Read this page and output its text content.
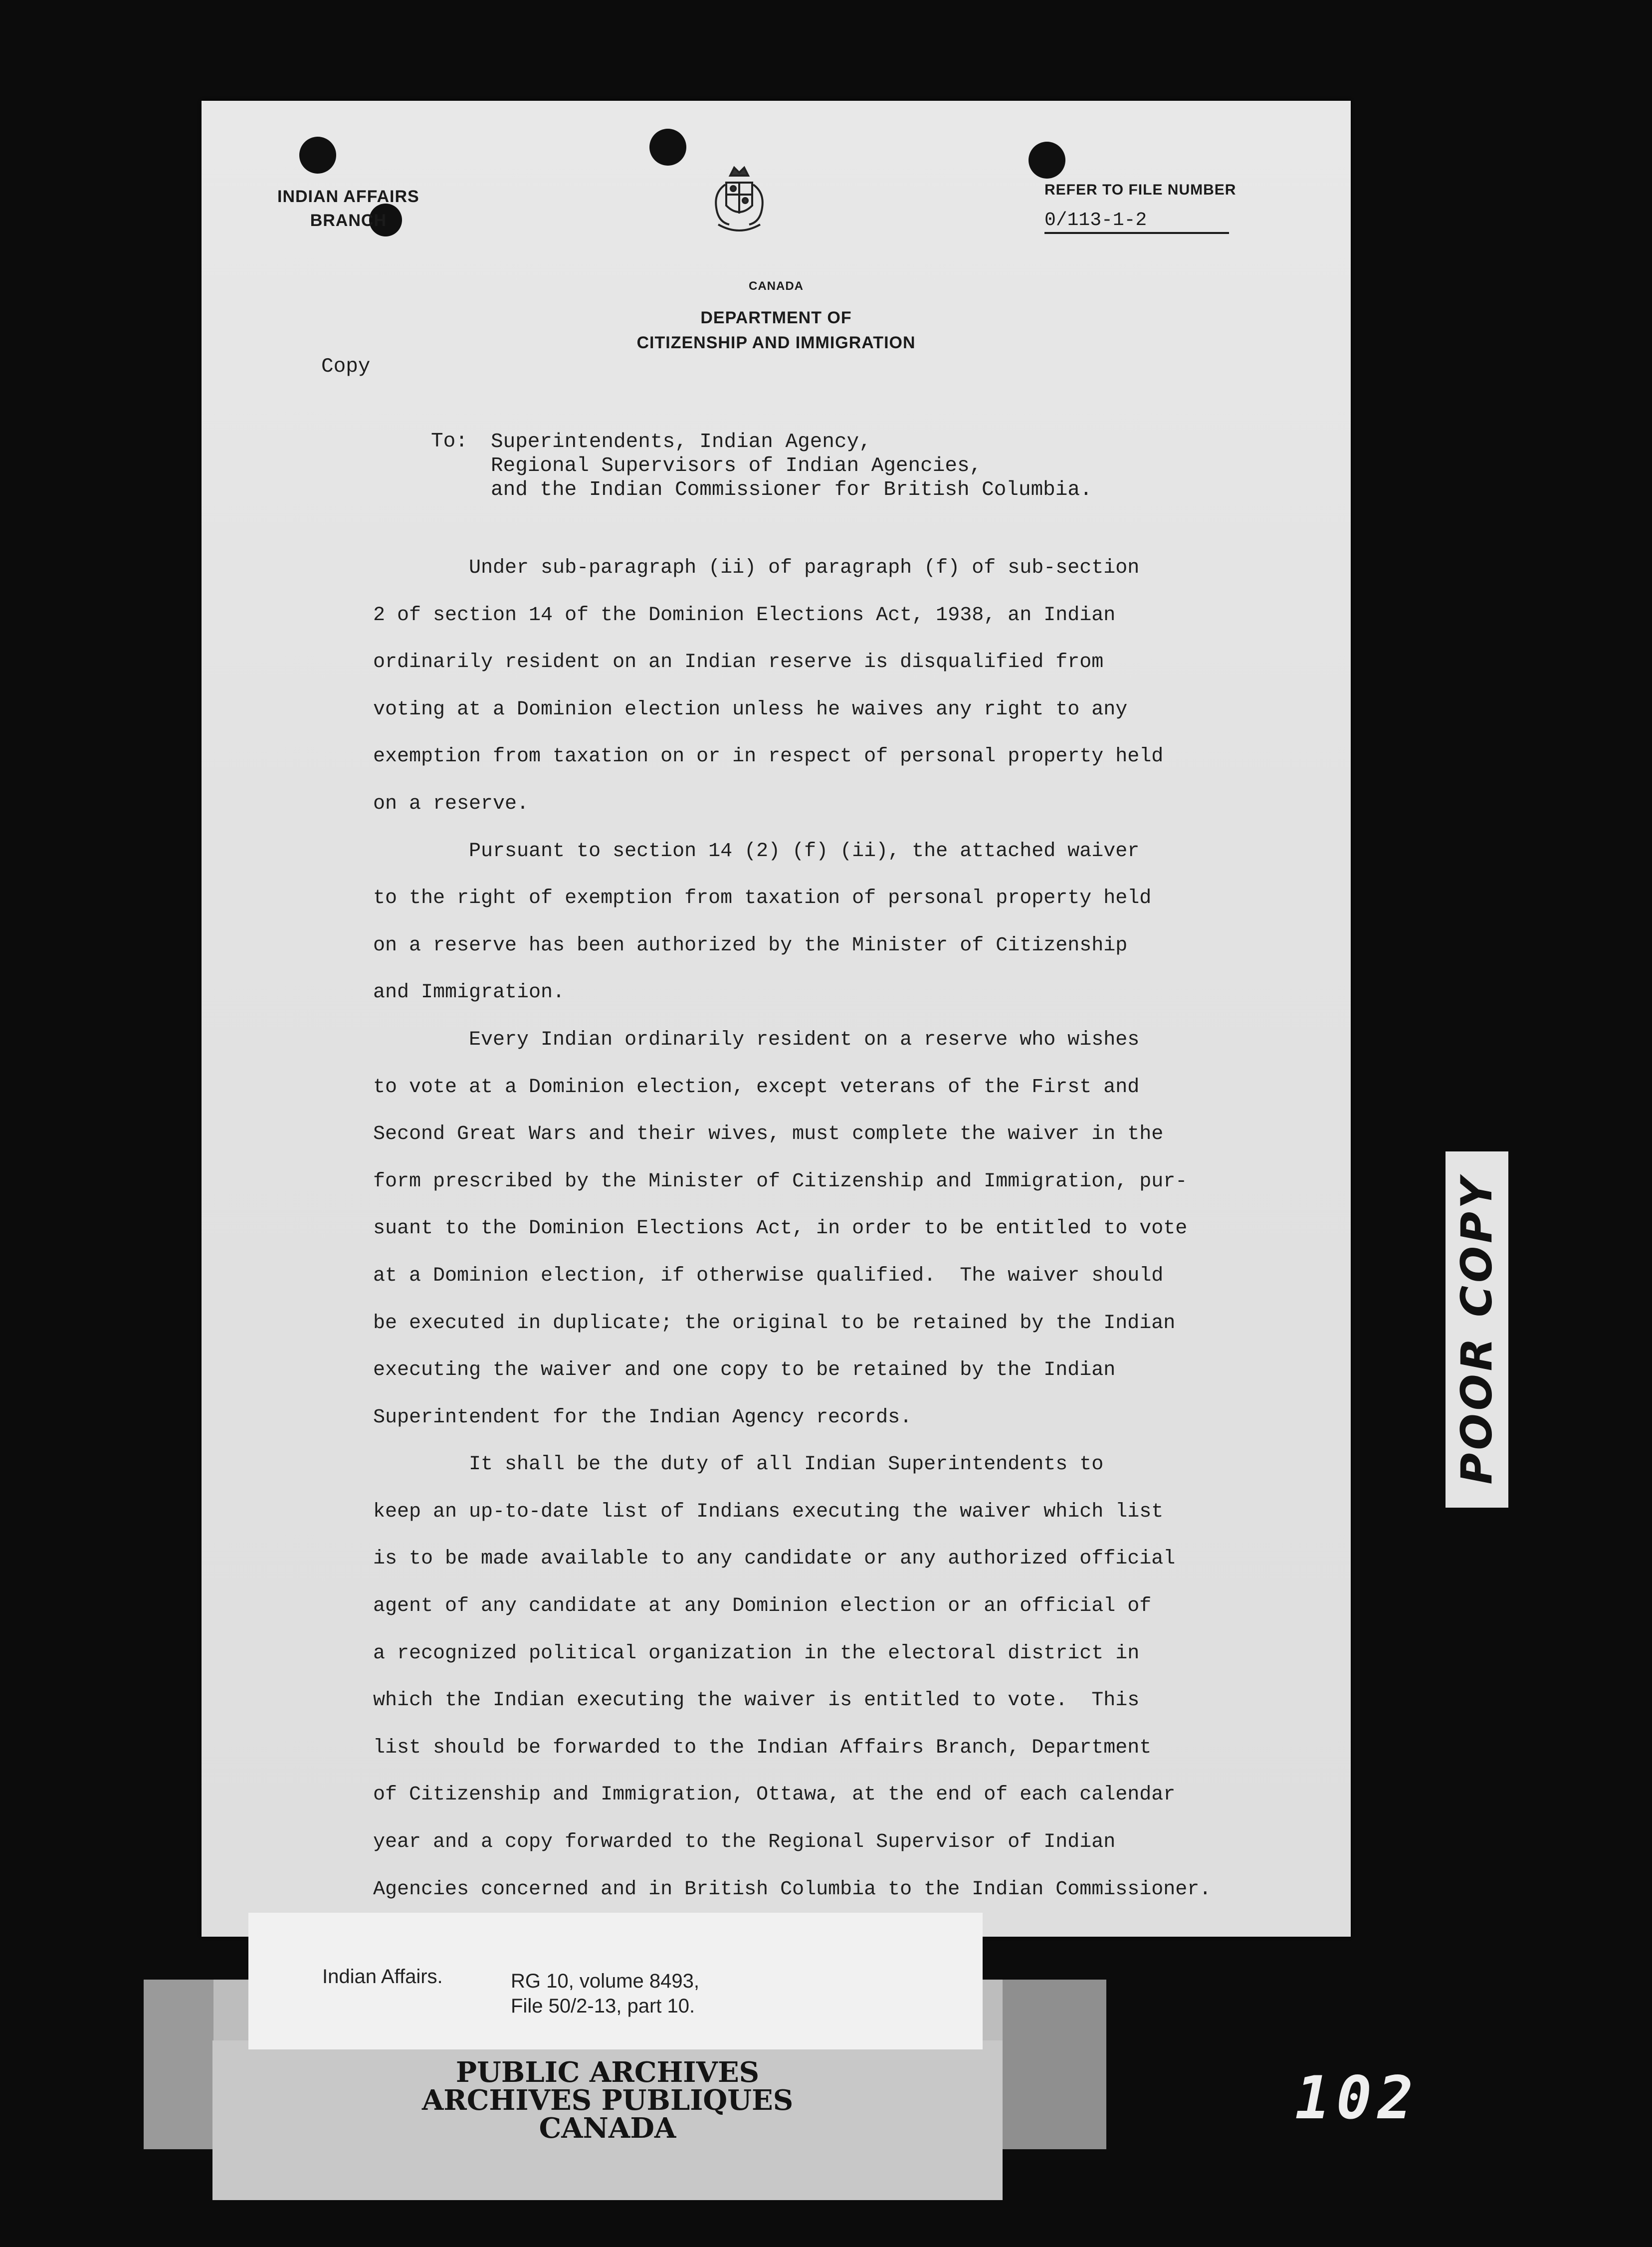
INDIAN AFFAIRS
BRANCH
CANADA
DEPARTMENT OF
CITIZENSHIP AND IMMIGRATION
REFER TO FILE NUMBER
0/113-1-2
Copy
To: Superintendents, Indian Agency,
Regional Supervisors of Indian Agencies,
and the Indian Commissioner for British Columbia.
Under sub-paragraph (ii) of paragraph (f) of sub-section
2 of section 14 of the Dominion Elections Act, 1938, an Indian
ordinarily resident on an Indian reserve is disqualified from
voting at a Dominion election unless he waives any right to any
exemption from taxation on or in respect of personal property held
on a reserve.
Pursuant to section 14 (2) (f) (ii), the attached waiver
to the right of exemption from taxation of personal property held
on a reserve has been authorized by the Minister of Citizenship
and Immigration.
Every Indian ordinarily resident on a reserve who wishes
to vote at a Dominion election, except veterans of the First and
Second Great Wars and their wives, must complete the waiver in the
form prescribed by the Minister of Citizenship and Immigration, pur-
suant to the Dominion Elections Act, in order to be entitled to vote
at a Dominion election, if otherwise qualified.  The waiver should
be executed in duplicate; the original to be retained by the Indian
executing the waiver and one copy to be retained by the Indian
Superintendent for the Indian Agency records.
It shall be the duty of all Indian Superintendents to
keep an up-to-date list of Indians executing the waiver which list
is to be made available to any candidate or any authorized official
agent of any candidate at any Dominion election or an official of
a recognized political organization in the electoral district in
which the Indian executing the waiver is entitled to vote.  This
list should be forwarded to the Indian Affairs Branch, Department
of Citizenship and Immigration, Ottawa, at the end of each calendar
year and a copy forwarded to the Regional Supervisor of Indian
Agencies concerned and in British Columbia to the Indian Commissioner.
POOR COPY
Indian Affairs.	RG 10, volume 8493,
File 50/2-13, part 10.
PUBLIC ARCHIVES
ARCHIVES PUBLIQUES
CANADA	102
